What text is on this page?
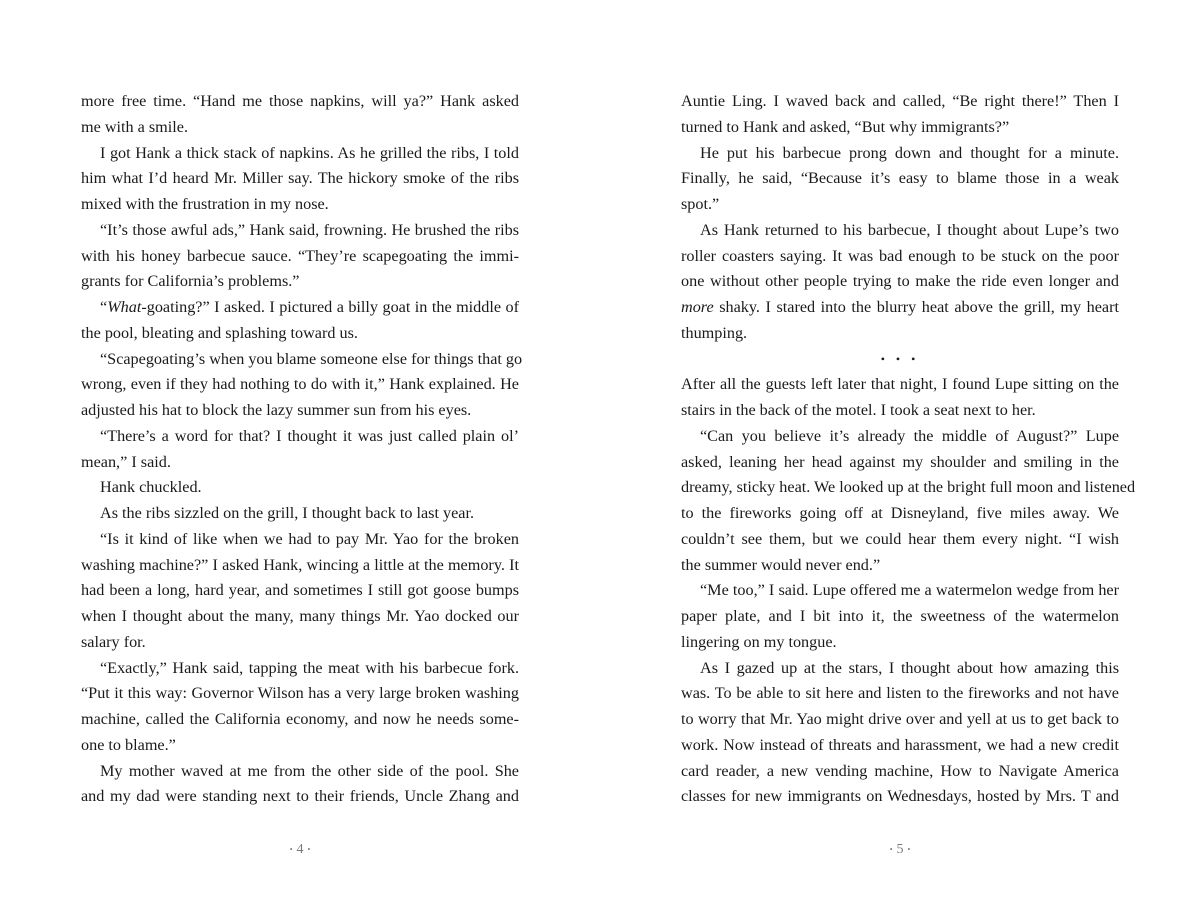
more free time. “Hand me those napkins, will ya?” Hank asked
me with a smile.
I got Hank a thick stack of napkins. As he grilled the ribs, I told
him what I’d heard Mr. Miller say. The hickory smoke of the ribs
mixed with the frustration in my nose.
“It’s those awful ads,” Hank said, frowning. He brushed the ribs
with his honey barbecue sauce. “They’re scapegoating the immi-
grants for California’s problems.”
“What-goating?” I asked. I pictured a billy goat in the middle of
the pool, bleating and splashing toward us.
“Scapegoating’s when you blame someone else for things that go
wrong, even if they had nothing to do with it,” Hank explained. He
adjusted his hat to block the lazy summer sun from his eyes.
“There’s a word for that? I thought it was just called plain ol’
mean,” I said.
Hank chuckled.
As the ribs sizzled on the grill, I thought back to last year.
“Is it kind of like when we had to pay Mr. Yao for the broken
washing machine?” I asked Hank, wincing a little at the memory. It
had been a long, hard year, and sometimes I still got goose bumps
when I thought about the many, many things Mr. Yao docked our
salary for.
“Exactly,” Hank said, tapping the meat with his barbecue fork.
“Put it this way: Governor Wilson has a very large broken washing
machine, called the California economy, and now he needs some-
one to blame.”
My mother waved at me from the other side of the pool. She
and my dad were standing next to their friends, Uncle Zhang and
Auntie Ling. I waved back and called, “Be right there!” Then I
turned to Hank and asked, “But why immigrants?”
He put his barbecue prong down and thought for a minute.
Finally, he said, “Because it’s easy to blame those in a weak
spot.”
As Hank returned to his barbecue, I thought about Lupe’s two
roller coasters saying. It was bad enough to be stuck on the poor
one without other people trying to make the ride even longer and
more shaky. I stared into the blurry heat above the grill, my heart
thumping.
• • •
After all the guests left later that night, I found Lupe sitting on the
stairs in the back of the motel. I took a seat next to her.
“Can you believe it’s already the middle of August?” Lupe
asked, leaning her head against my shoulder and smiling in the
dreamy, sticky heat. We looked up at the bright full moon and listened
to the fireworks going off at Disneyland, five miles away. We
couldn’t see them, but we could hear them every night. “I wish
the summer would never end.”
“Me too,” I said. Lupe offered me a watermelon wedge from her
paper plate, and I bit into it, the sweetness of the watermelon
lingering on my tongue.
As I gazed up at the stars, I thought about how amazing this
was. To be able to sit here and listen to the fireworks and not have
to worry that Mr. Yao might drive over and yell at us to get back to
work. Now instead of threats and harassment, we had a new credit
card reader, a new vending machine, How to Navigate America
classes for new immigrants on Wednesdays, hosted by Mrs. T and
• 4 •	• 5 •
